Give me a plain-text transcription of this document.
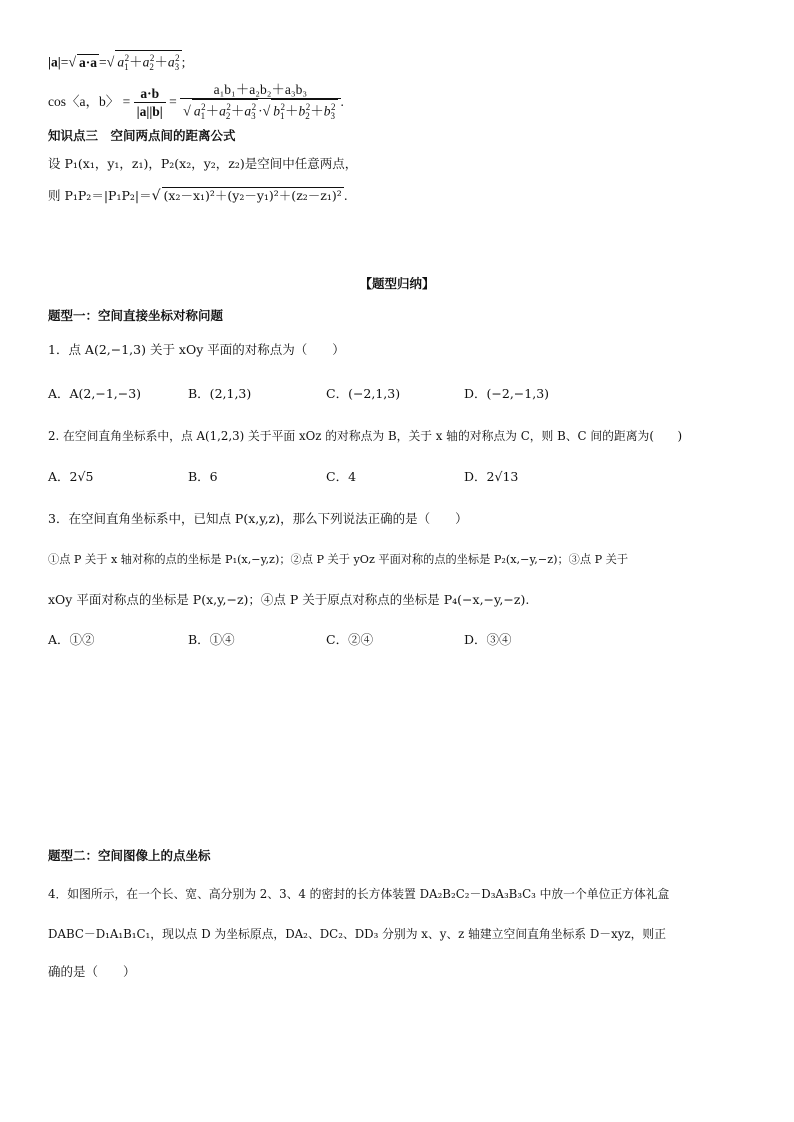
|a|=√ a·a =√ $a_1^2+a_2^2+a_3^2$ ;
cos〈a，b〉 = $\frac{a\cdot b}{|a||b|} = \frac{\text{a₁b₁＋a₂b₂＋a₃b₃}}{√ a_1^2+a_2^2+a_3^2 \cdot√ b_1^2+b_2^2+b_3^2}$ .
知识点三　空间两点间的距离公式
设 P₁(x₁，y₁，z₁)，P₂(x₂，y₂，z₂)是空间中任意两点，
则 P₁P₂＝|P₁P₂|＝√ (x₂－x₁)²＋(y₂－y₁)²＋(z₂－z₁)² .
【题型归纳】
题型一：空间直接坐标对称问题
1．点 A(2,−1,3) 关于 xOy 平面的对称点为（　　）
A．A(2,−1,−3)	B．(2,1,3)	C．(−2,1,3)	D．(−2,−1,3)
2. 在空间直角坐标系中，点 A(1,2,3) 关于平面 xOz 的对称点为 B，关于 x 轴的对称点为 C，则 B、C 间的距离为(　　)
A．2√5	B．6	C．4	D．2√13
3．在空间直角坐标系中，已知点 P(x,y,z)，那么下列说法正确的是（　　）
①点 P 关于 x 轴对称的点的坐标是 P₁(x,−y,z)；②点 P 关于 yOz 平面对称的点的坐标是 P₂(x,−y,−z)；③点 P 关于
xOy 平面对称点的坐标是 P(x,y,−z)；④点 P 关于原点对称点的坐标是 P₄(−x,−y,−z).
A．①②	B．①④	C．②④	D．③④
题型二：空间图像上的点坐标
4．如图所示，在一个长、宽、高分别为 2、3、4 的密封的长方体装置 DA₂B₂C₂－D₃A₃B₃C₃ 中放一个单位正方体礼盒
DABC－D₁A₁B₁C₁，现以点 D 为坐标原点，DA₂、DC₂、DD₃ 分别为 x、y、z 轴建立空间直角坐标系 D－xyz，则正
确的是（　　）
